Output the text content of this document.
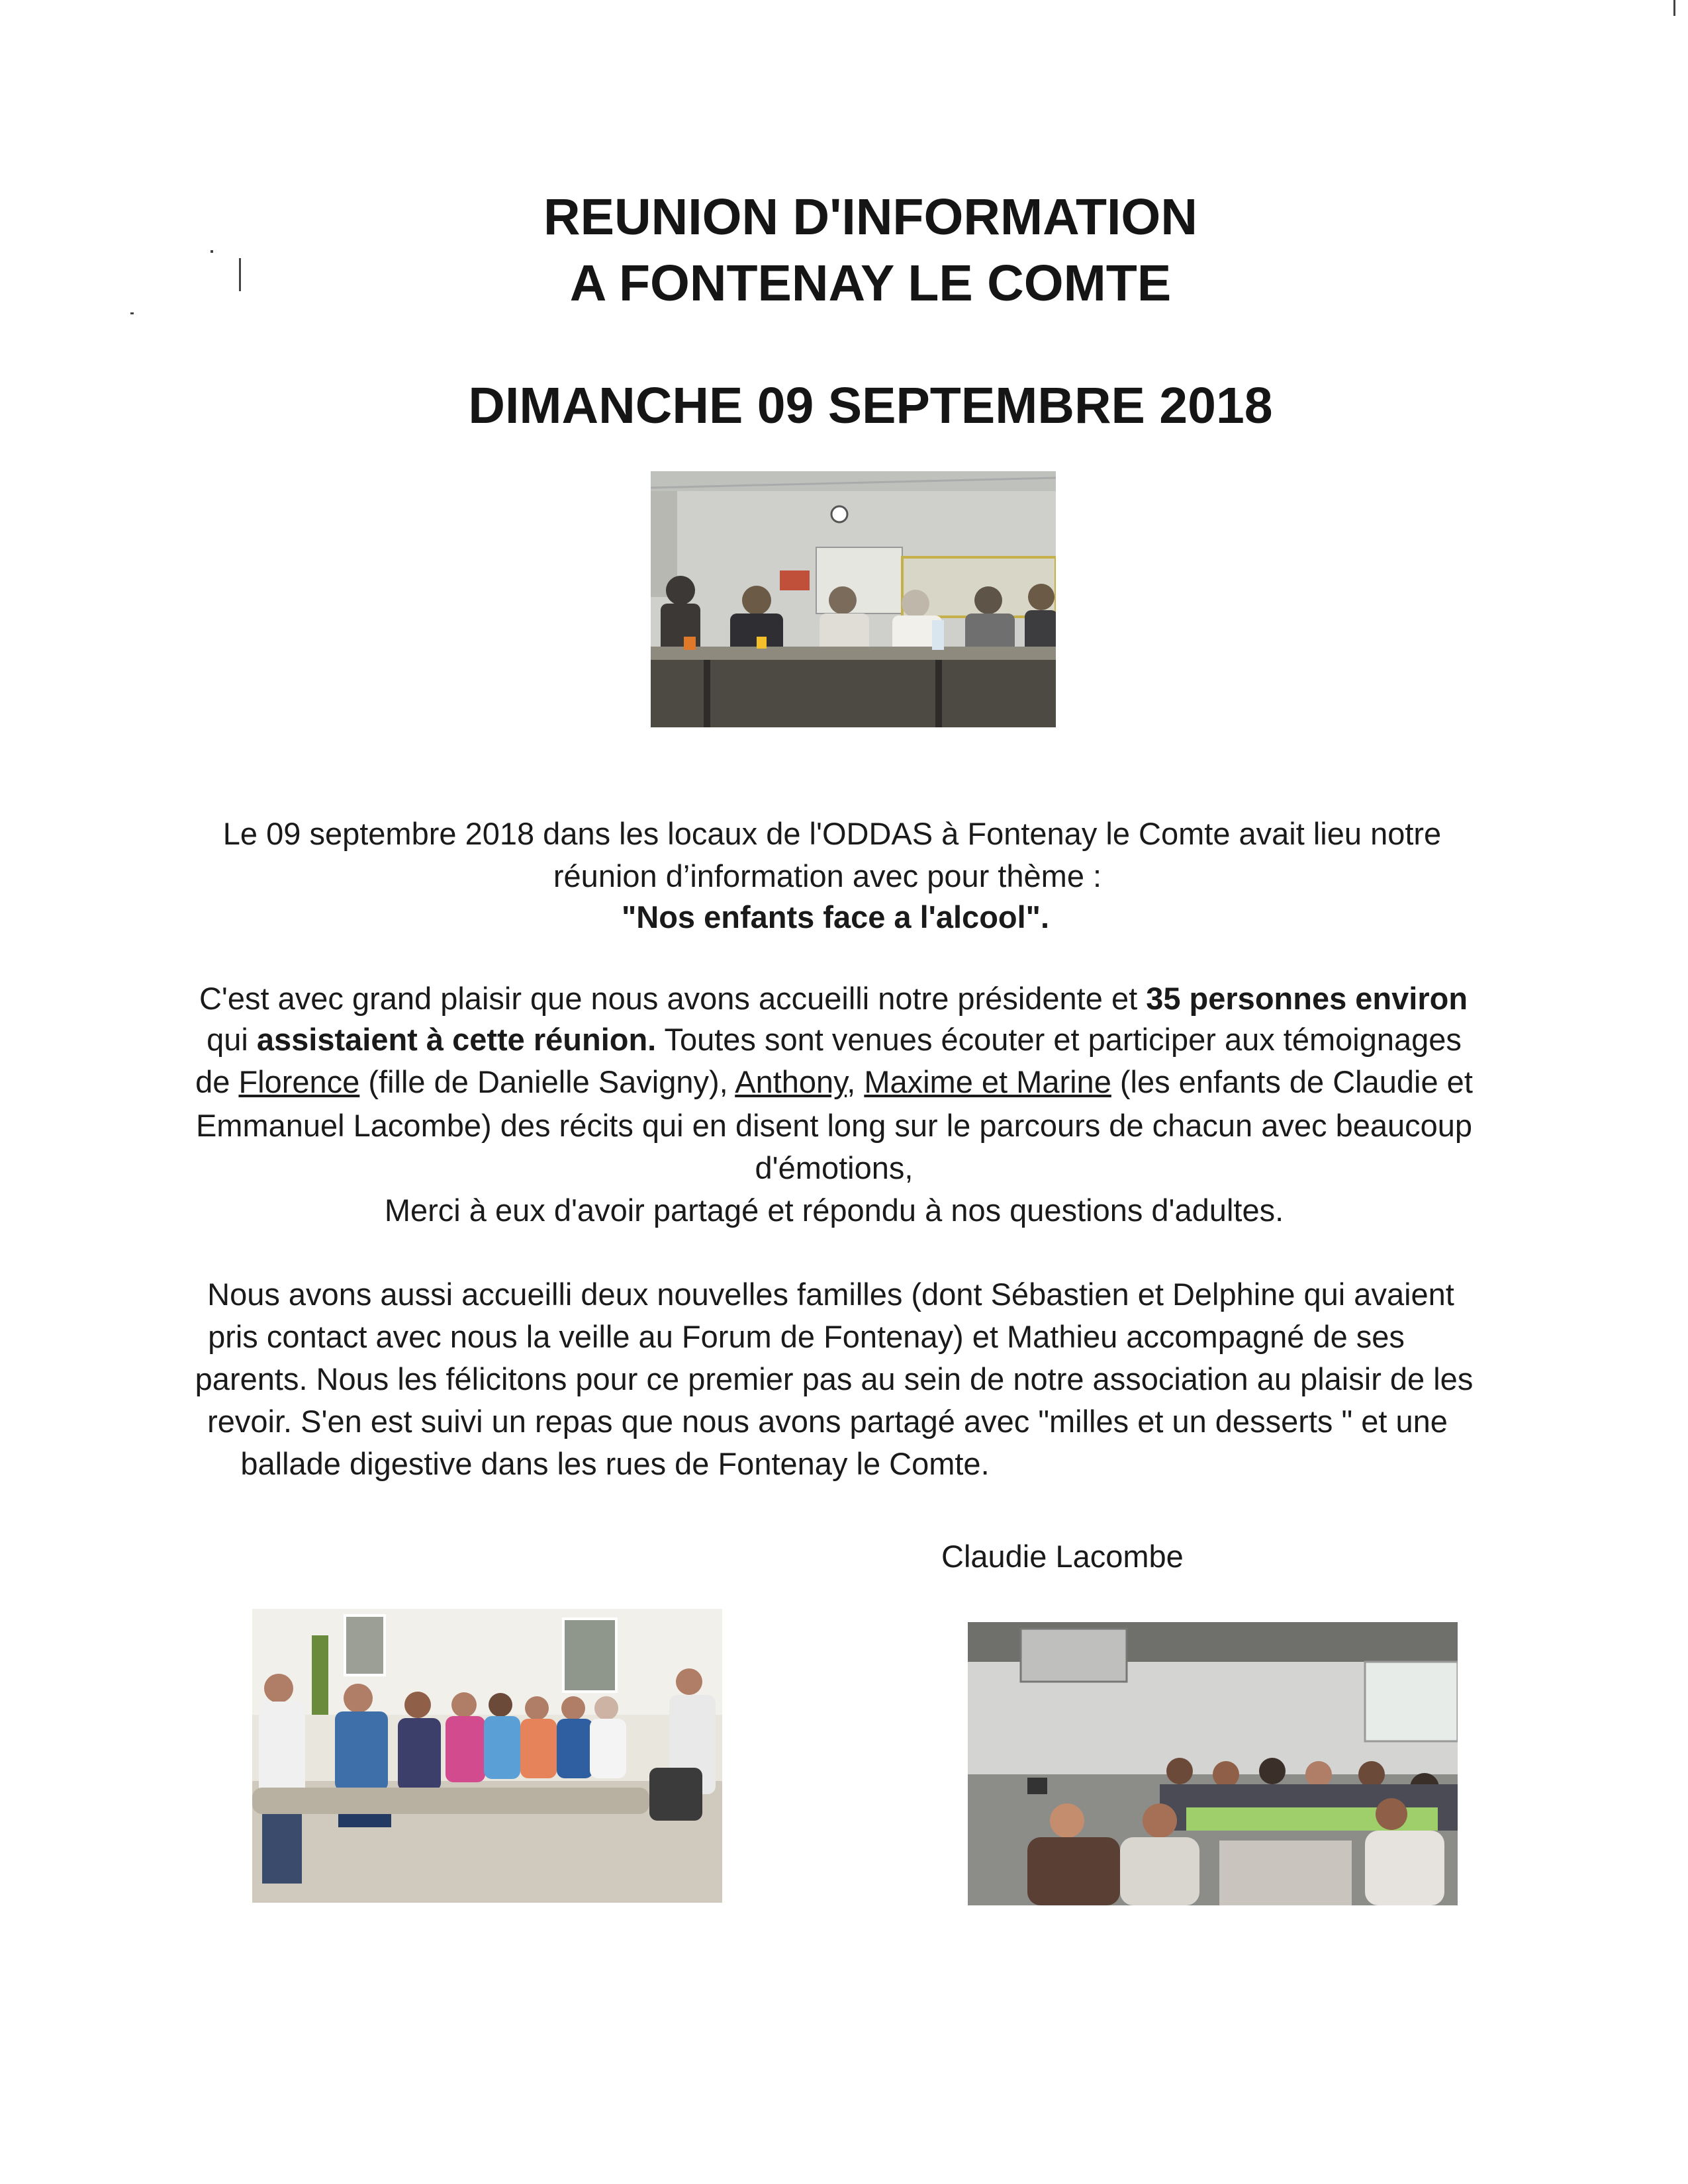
REUNION D'INFORMATION
A FONTENAY LE COMTE
DIMANCHE 09 SEPTEMBRE 2018
Le 09 septembre 2018 dans les locaux de l'ODDAS à Fontenay le Comte avait lieu notre
réunion d’information avec pour thème :
"Nos enfants face a l'alcool".
C'est avec grand plaisir que nous avons accueilli notre présidente et 35 personnes environ
qui assistaient à cette réunion. Toutes sont venues écouter et participer aux témoignages
de Florence (fille de Danielle Savigny), Anthony, Maxime et Marine (les enfants de Claudie et
Emmanuel Lacombe) des récits qui en disent long sur le parcours de chacun avec beaucoup
d'émotions,
Merci à eux d'avoir partagé et répondu à nos questions d'adultes.
Nous avons aussi accueilli deux nouvelles familles (dont Sébastien et Delphine qui avaient
pris contact avec nous la veille au Forum de Fontenay) et Mathieu accompagné de ses
parents. Nous les félicitons pour ce premier pas au sein de notre association au plaisir de les
revoir. S'en est suivi un repas que nous avons partagé avec "milles et un desserts " et une
ballade digestive dans les rues de Fontenay le Comte.
Claudie Lacombe
